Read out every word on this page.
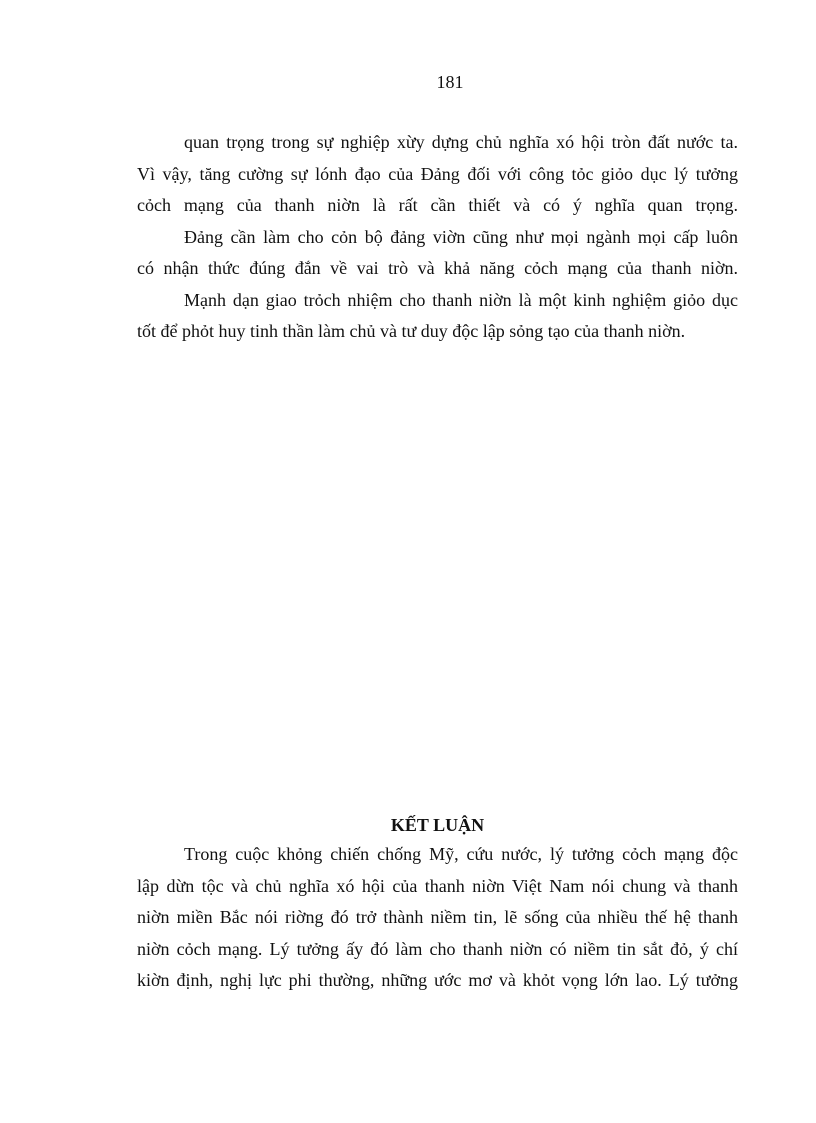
181

quan trọng trong sự nghiệp xừy dựng chủ nghĩa xó hội tròn đất nước ta.

Vì vậy, tăng cường sự lónh đạo của Đảng đối với công tỏc giỏo dục lý tưởng

cỏch mạng của thanh niờn là rất cần thiết và có ý nghĩa quan trọng.

Đảng cần làm cho cỏn bộ đảng viờn cũng như mọi ngành mọi cấp luôn

có nhận thức đúng đắn về vai trò và khả năng cỏch mạng của thanh niờn.

Mạnh dạn giao trỏch nhiệm cho thanh niờn là một kinh nghiệm giỏo dục

tốt để phỏt huy tinh thần làm chủ và tư duy độc lập sỏng tạo của thanh niờn.

KẾT LUẬN

Trong cuộc khỏng chiến chống Mỹ, cứu nước, lý tưởng cỏch mạng độc

lập dừn tộc và chủ nghĩa xó hội của thanh niờn Việt Nam nói chung và thanh

niờn miền Bắc nói riờng đó trở thành niềm tin, lẽ sống của nhiều thế hệ thanh

niờn cỏch mạng. Lý tưởng ấy đó làm cho thanh niờn có niềm tin sắt đỏ, ý chí

kiờn định, nghị lực phi thường, những ước mơ và khỏt vọng lớn lao. Lý tưởng
